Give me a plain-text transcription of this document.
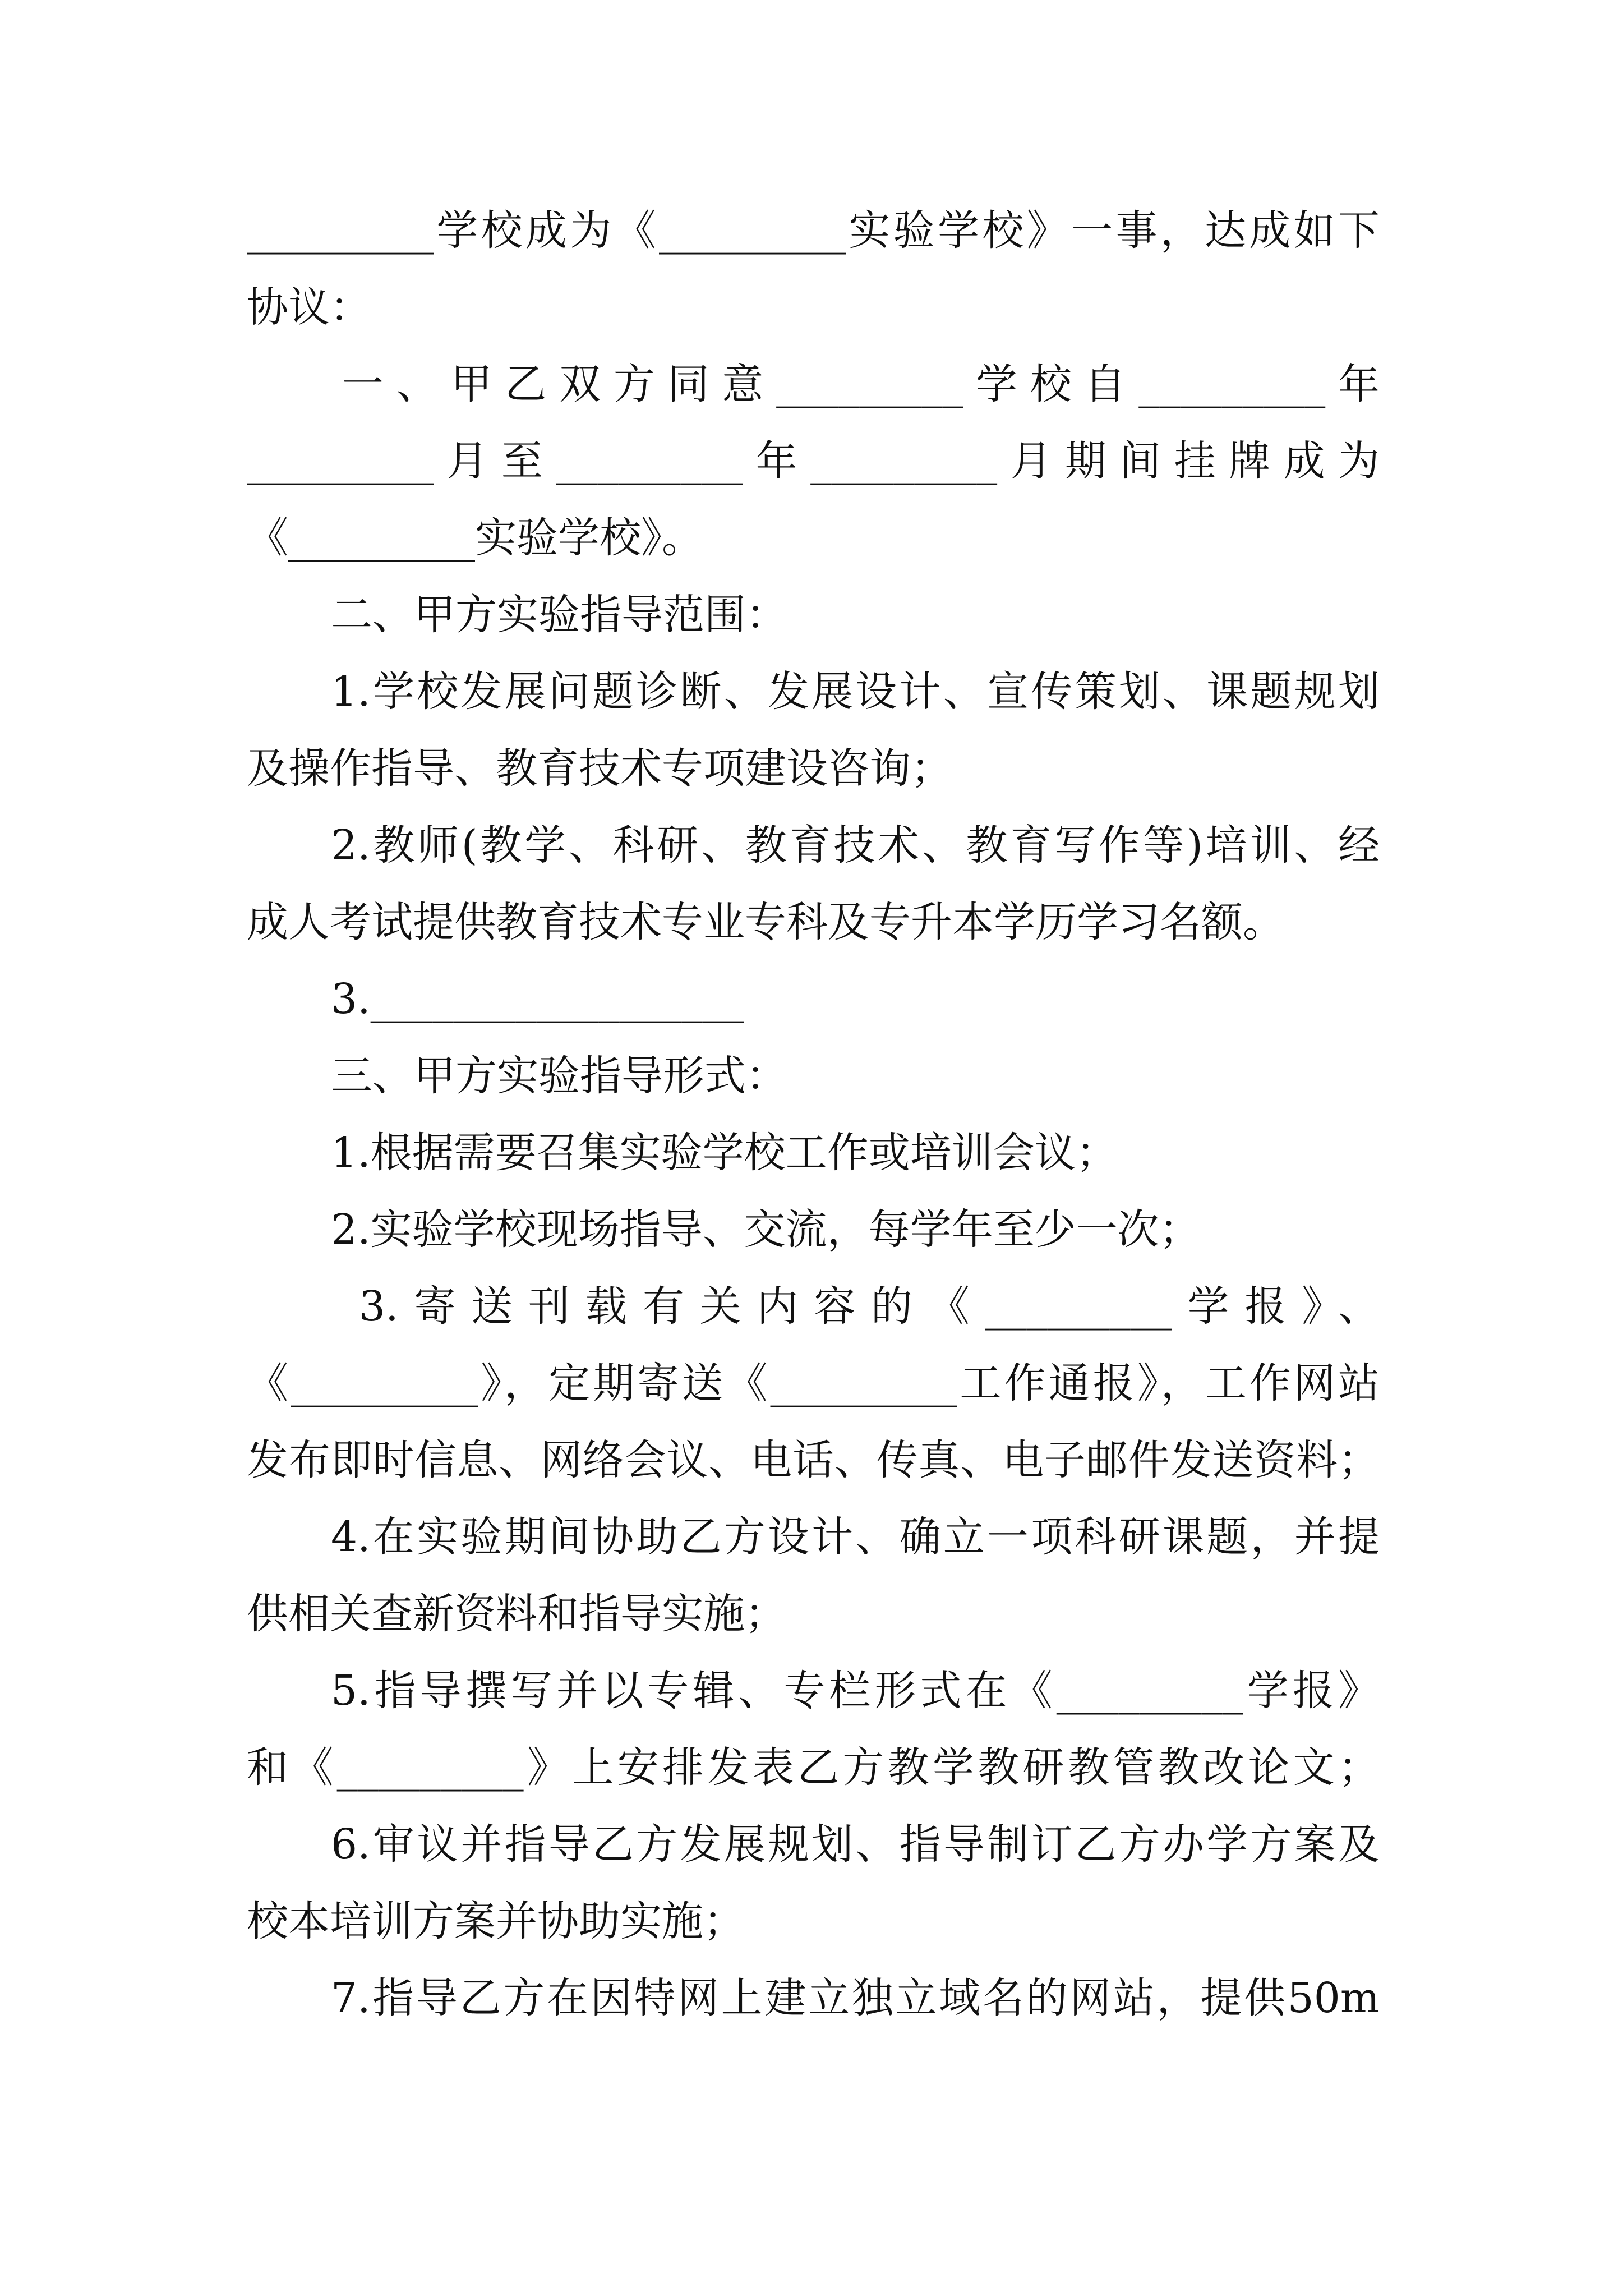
_________学校成为《_________实验学校》一事，达成如下
协议：
一、甲乙双方同意_________学校自_________年
_________月至_________年_________月期间挂牌成为
《_________实验学校》。
二、甲方实验指导范围：
1.学校发展问题诊断、发展设计、宣传策划、课题规划
及操作指导、教育技术专项建设咨询；
2.教师(教学、科研、教育技术、教育写作等)培训、经
成人考试提供教育技术专业专科及专升本学历学习名额。
3.__________________
三、甲方实验指导形式：
1.根据需要召集实验学校工作或培训会议；
2.实验学校现场指导、交流，每学年至少一次；
3.寄送刊载有关内容的《_________学报》、
《_________》，定期寄送《_________工作通报》，工作网站
发布即时信息、网络会议、电话、传真、电子邮件发送资料；
4.在实验期间协助乙方设计、确立一项科研课题，并提
供相关查新资料和指导实施；
5.指导撰写并以专辑、专栏形式在《_________学报》
和《_________》上安排发表乙方教学教研教管教改论文；
6.审议并指导乙方发展规划、指导制订乙方办学方案及
校本培训方案并协助实施；
7.指导乙方在因特网上建立独立域名的网站，提供50m
